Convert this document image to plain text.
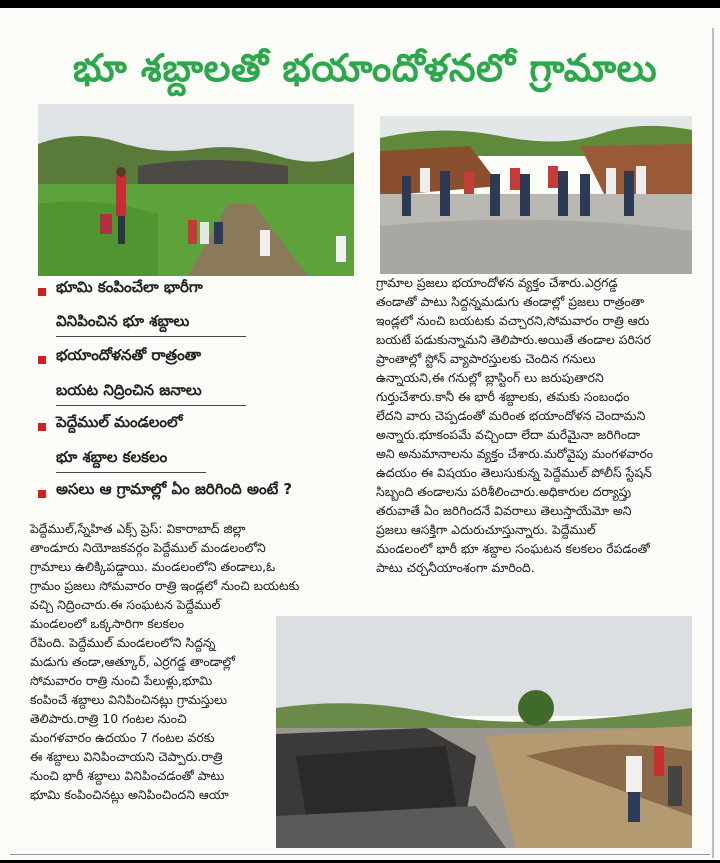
భూ శబ్దాలతో భయాందోళనలో గ్రామాలు
భూమి కంపించేలా భారీగా
వినిపించిన భూ శబ్దాలు
భయాందోళనతో రాత్రంతా
బయట నిద్రించిన జనాలు
పెద్దేముల్ మండలంలో
భూ శబ్దాల కలకలం
అసలు ఆ గ్రామాల్లో ఏం జరిగింది అంటే ?

పెద్దేముల్,స్నేహిత ఎక్స్ ప్రెస్: వికారాబాద్ జిల్లా

తాండూరు నియోజకవర్గం పెద్దేముల్ మండలంలోని

గ్రామాలు ఉలిక్కిపడ్డాయి. మండలంలోని తండాలు,ఓ

గ్రామం ప్రజలు సోమవారం రాత్రి ఇండ్లలో నుంచి బయటకు

వచ్చి నిద్రించారు.ఈ సంఘటన పెద్దేముల్

మండలంలో ఒక్కసారిగా కలకలం

రేపింది. పెద్దేముల్ మండలంలోని సిద్దన్న

మడుగు తండా,ఆత్కూర్, ఎర్రగడ్డ తాండాల్లో

సోమవారం రాత్రి నుంచి పేలుళ్లు,భూమి

కంపించే శబ్దాలు వినిపించినట్లు గ్రామస్తులు

తెలిపారు.రాత్రి 10 గంటల నుంచి

మంగళవారం ఉదయం 7 గంటల వరకు

ఈ శబ్దాలు వినిపించాయని చెప్పారు.రాత్రి

నుంచి భారీ శబ్దాలు వినిపించడంతో పాటు

భూమి కంపించినట్లు అనిపించిందని ఆయా

గ్రామాల ప్రజలు భయాందోళన వ్యక్తం చేశారు.ఎర్రగడ్డ

తండాతో పాటు సిద్దన్నమడుగు తండాల్లో ప్రజలు రాత్రంతా

ఇండ్లలో నుంచి బయటకు వచ్చారని,సోమవారం రాత్రి ఆరు

బయటే పడుకున్నామని తెలిపారు.అయితే తండాల పరిసర

ప్రాంతాల్లో స్టోన్ వ్యాపారస్తులకు చెందిన గనులు

ఉన్నాయని,ఈ గనుల్లో బ్లాస్టింగ్ లు జరుపుతారని

గుర్తుచేశారు.కానీ ఈ భారీ శబ్దాలకు, తమకు సంబంధం

లేదని వారు చెప్పడంతో మరింత భయాందోళన చెందామని

అన్నారు.భూకంపమే వచ్చిందా లేదా మరేమైనా జరిగిందా

అని అనుమానాలను వ్యక్తం చేశారు.మరోవైపు మంగళవారం

ఉదయం ఈ విషయం తెలుసుకున్న పెద్దేముల్ పోలీస్ స్టేషన్

సిబ్బంది తండాలను పరిశీలించారు.అధికారుల దర్యాప్తు

తరువాతే ఏం జరిగిందనే వివరాలు తెలుస్తాయేమో అని

ప్రజలు ఆసక్తిగా ఎదురుచూస్తున్నారు. పెద్దేముల్

మండలంలో భారీ భూ శబ్దాల సంఘటన కలకలం రేపడంతో

పాటు చర్చనీయాంశంగా మారింది.
